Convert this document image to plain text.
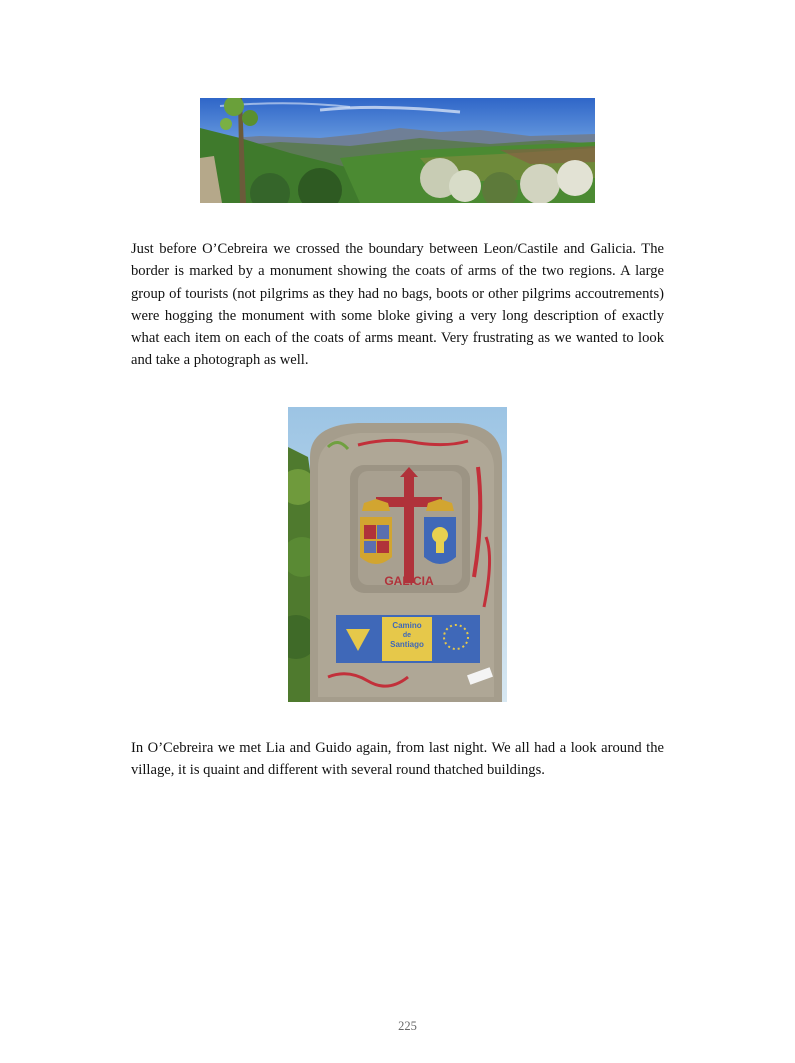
Just before O’Cebreira we crossed the boundary between Leon/Castile and Galicia. The border is marked by a monument showing the coats of arms of the two regions. A large group of tourists (not pilgrims as they had no bags, boots or other pilgrims accoutrements) were hogging the monument with some bloke giving a very long description of exactly what each item on each of the coats of arms meant. Very frustrating as we wanted to look and take a photograph as well.

GALICIA
Camino
de
Santiago

In O’Cebreira we met Lia and Guido again, from last night. We all had a look around the village, it is quaint and different with several round thatched buildings.

225
